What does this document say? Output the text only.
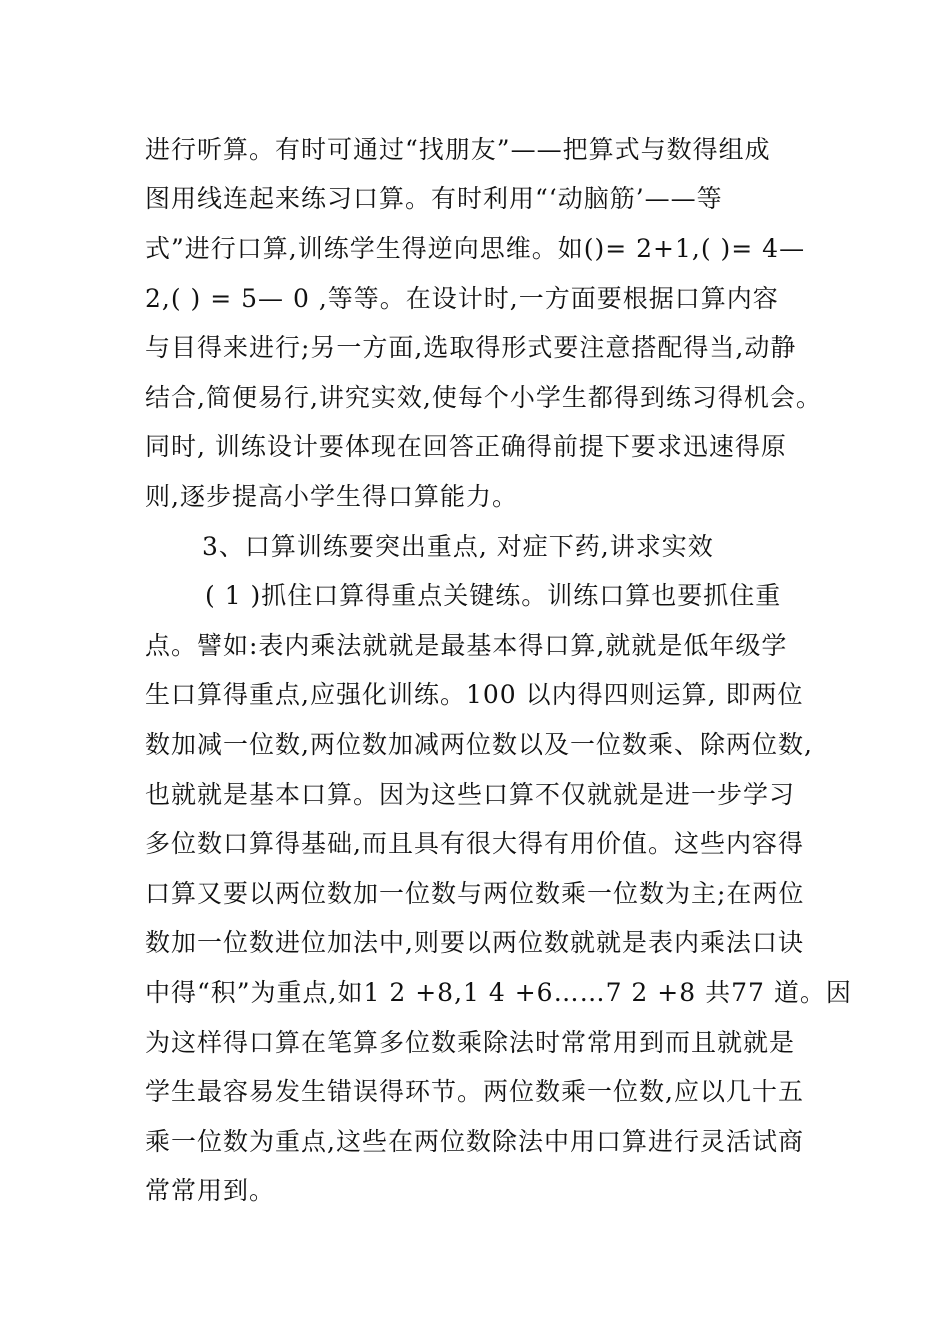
进行听算。有时可通过“找朋友”——把算式与数得组成
图用线连起来练习口算。有时利用“‘动脑筋’——等
式”进行口算,训练学生得逆向思维。如()= 2+1,( )= 4—
2,( ) = 5— 0 ,等等。在设计时,一方面要根据口算内容
与目得来进行;另一方面,选取得形式要注意搭配得当,动静
结合,简便易行,讲究实效,使每个小学生都得到练习得机会。
同时, 训练设计要体现在回答正确得前提下要求迅速得原
则,逐步提高小学生得口算能力。
3、口算训练要突出重点, 对症下药,讲求实效
( 1 )抓住口算得重点关键练。训练口算也要抓住重
点。譬如:表内乘法就就是最基本得口算,就就是低年级学
生口算得重点,应强化训练。100 以内得四则运算, 即两位
数加减一位数,两位数加减两位数以及一位数乘、除两位数,
也就就是基本口算。因为这些口算不仅就就是进一步学习
多位数口算得基础,而且具有很大得有用价值。这些内容得
口算又要以两位数加一位数与两位数乘一位数为主;在两位
数加一位数进位加法中,则要以两位数就就是表内乘法口诀
中得“积”为重点,如1 2 +8,1 4 +6……7 2 +8 共77 道。因
为这样得口算在笔算多位数乘除法时常常用到而且就就是
学生最容易发生错误得环节。两位数乘一位数,应以几十五
乘一位数为重点,这些在两位数除法中用口算进行灵活试商
常常用到。
